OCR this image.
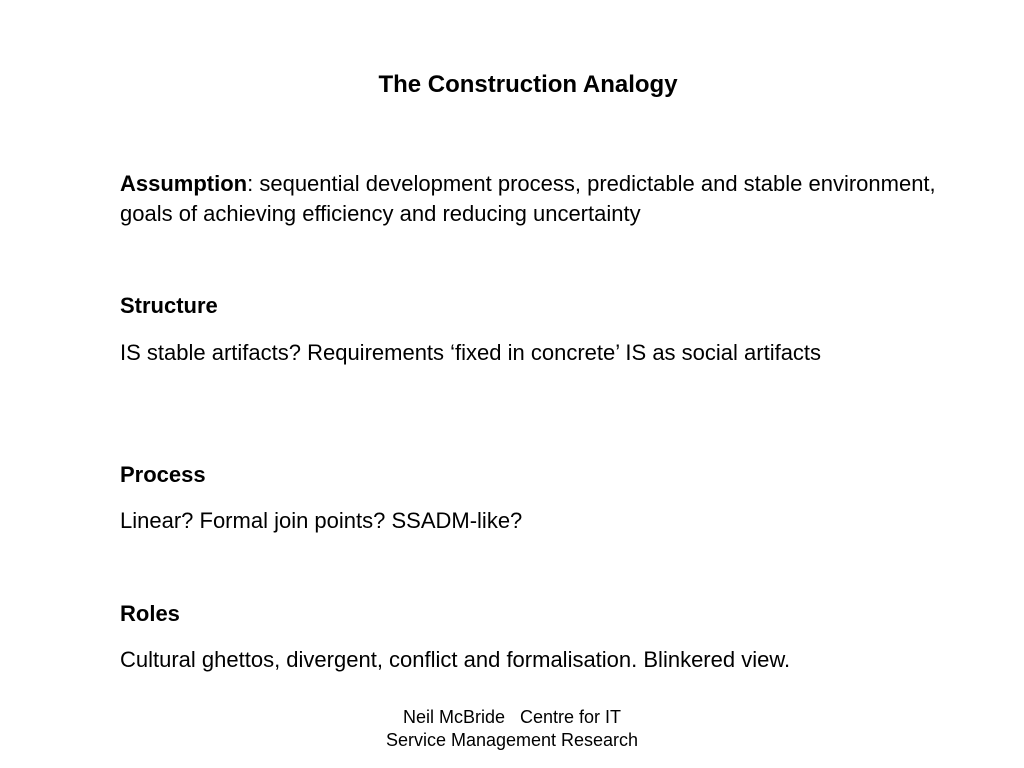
The Construction Analogy
Assumption: sequential development process, predictable and stable environment, goals of achieving efficiency and reducing uncertainty
Structure
IS stable artifacts? Requirements ‘fixed in concrete’ IS as social artifacts
Process
Linear? Formal join points? SSADM-like?
Roles
Cultural ghettos, divergent, conflict and formalisation. Blinkered view.
Neil McBride   Centre for IT
Service Management Research
